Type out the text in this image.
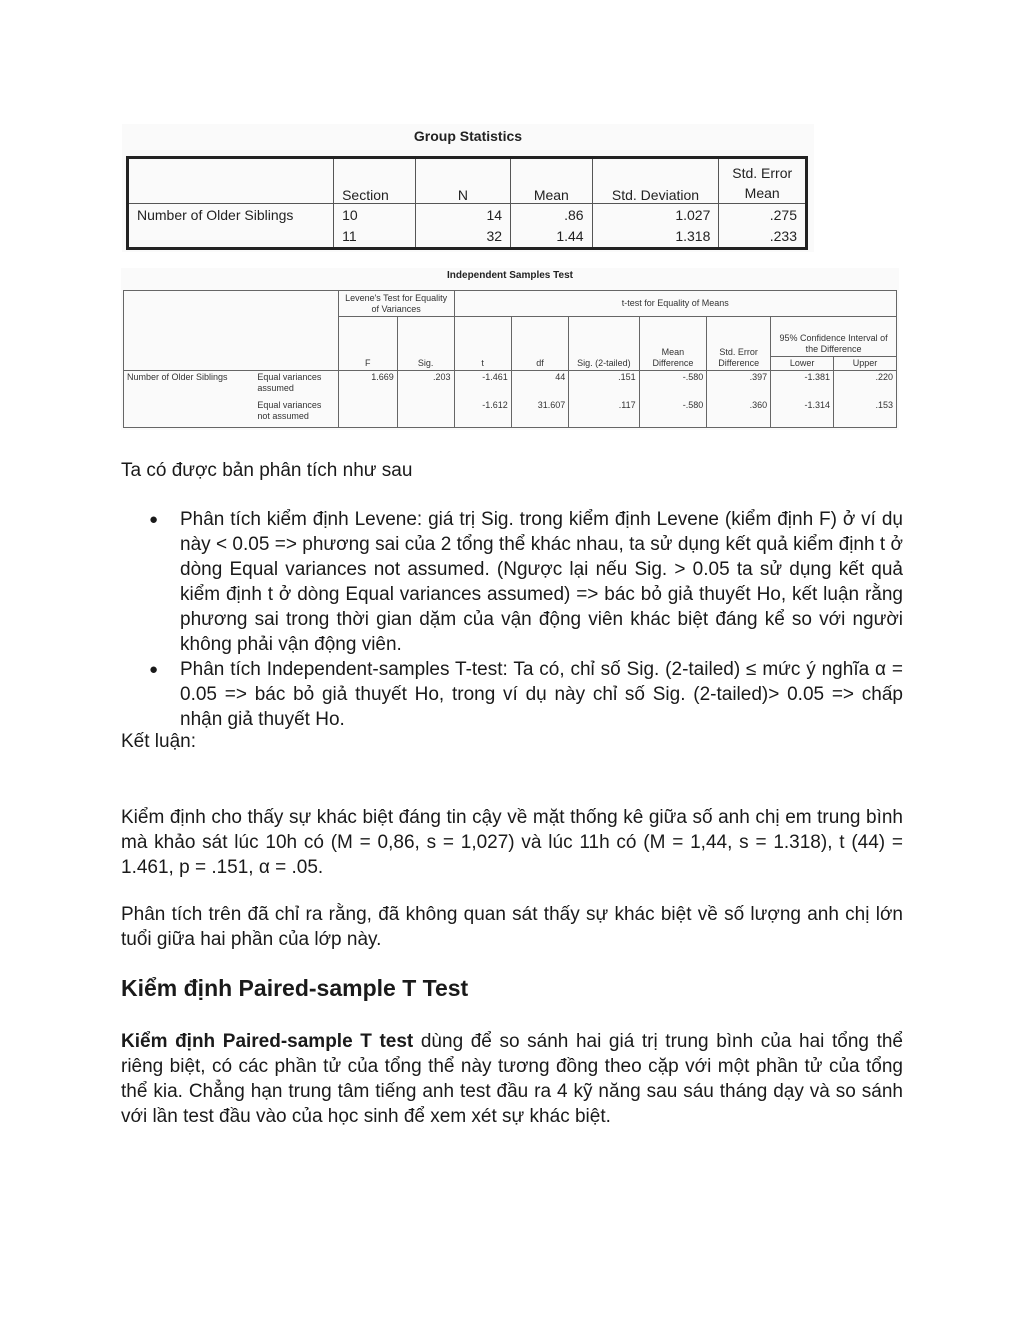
Group Statistics
	Section	N	Mean	Std. Deviation	Std. Error Mean
Number of Older Siblings	10	14	.86	1.027	.275
	11	32	1.44	1.318	.233
Independent Samples Test
		Levene's Test for Equality of Variances		t-test for Equality of Means						
		F	Sig.	t	df	Sig. (2-tailed)	Mean Difference	Std. Error Difference	95% Confidence Interval of the Difference	
									Lower	Upper
Number of Older Siblings	Equal variances assumed	1.669	.203	-1.461	44	.151	-.580	.397	-1.381	.220
	Equal variances not assumed			-1.612	31.607	.117	-.580	.360	-1.314	.153

Ta có được bản phân tích như sau

● Phân tích kiểm định Levene: giá trị Sig. trong kiểm định Levene (kiểm định F) ở ví dụ này < 0.05 => phương sai của 2 tổng thể khác nhau, ta sử dụng kết quả kiểm định t ở dòng Equal variances not assumed. (Ngược lại nếu Sig. > 0.05 ta sử dụng kết quả kiểm định t ở dòng Equal variances assumed) => bác bỏ giả thuyết Ho, kết luận rằng phương sai trong thời gian dặm của vận động viên khác biệt đáng kể so với người không phải vận động viên.

● Phân tích Independent-samples T-test: Ta có, chỉ số Sig. (2-tailed) ≤ mức ý nghĩa α = 0.05 => bác bỏ giả thuyết Ho, trong ví dụ này chỉ số Sig. (2-tailed)> 0.05 => chấp nhận giả thuyết Ho.

Kết luận:

Kiểm định cho thấy sự khác biệt đáng tin cậy về mặt thống kê giữa số anh chị em trung bình mà khảo sát lúc 10h có (M = 0,86, s = 1,027) và lúc 11h có (M = 1,44, s = 1.318), t (44) = 1.461, p = .151, α = .05.

Phân tích trên đã chỉ ra rằng, đã không quan sát thấy sự khác biệt về số lượng anh chị lớn tuổi giữa hai phần của lớp này.

Kiểm định Paired-sample T Test

Kiểm định Paired-sample T test dùng để so sánh hai giá trị trung bình của hai tổng thể riêng biệt, có các phần tử của tổng thể này tương đồng theo cặp với một phần tử của tổng thể kia. Chẳng hạn trung tâm tiếng anh test đầu ra 4 kỹ năng sau sáu tháng dạy và so sánh với lần test đầu vào của học sinh để xem xét sự khác biệt.
